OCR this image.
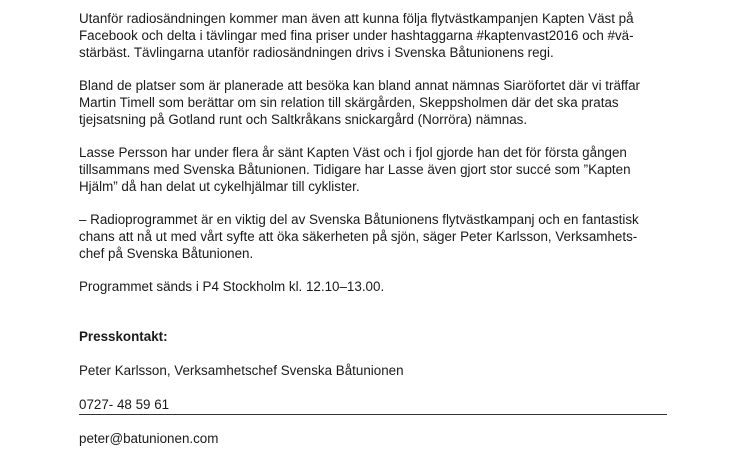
Utanför radiosändningen kommer man även att kunna följa flytvästkampanjen Kapten Väst på
Facebook och delta i tävlingar med fina priser under hashtaggarna #kaptenvast2016 och #vä-
stärbäst. Tävlingarna utanför radiosändningen drivs i Svenska Båtunionens regi.

Bland de platser som är planerade att besöka kan bland annat nämnas Siaröfortet där vi träffar
Martin Timell som berättar om sin relation till skärgården, Skeppsholmen där det ska pratas
tjejsatsning på Gotland runt och Saltkråkans snickargård (Norröra) nämnas.

Lasse Persson har under flera år sänt Kapten Väst och i fjol gjorde han det för första gången
tillsammans med Svenska Båtunionen. Tidigare har Lasse även gjort stor succé som ”Kapten
Hjälm” då han delat ut cykelhjälmar till cyklister.

– Radioprogrammet är en viktig del av Svenska Båtunionens flytvästkampanj och en fantastisk
chans att nå ut med vårt syfte att öka säkerheten på sjön, säger Peter Karlsson, Verksamhets-
chef på Svenska Båtunionen.

Programmet sänds i P4 Stockholm kl. 12.10–13.00.

Presskontakt:

Peter Karlsson, Verksamhetschef Svenska Båtunionen

0727- 48 59 61

peter@batunionen.com
